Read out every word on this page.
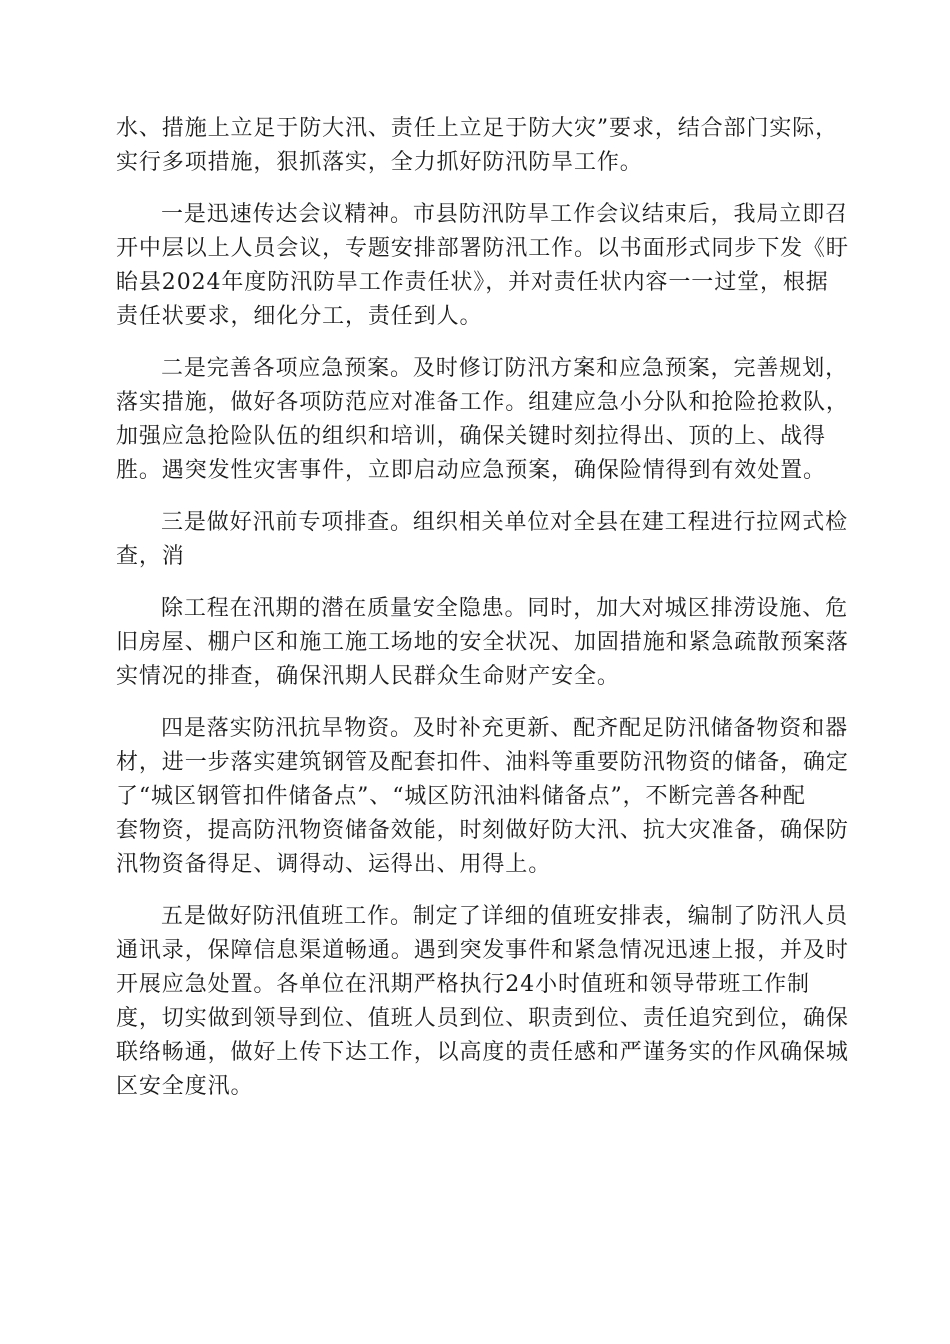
水、措施上立足于防大汛、责任上立足于防大灾”要求，结合部门实际，
实行多项措施，狠抓落实，全力抓好防汛防旱工作。

一是迅速传达会议精神。市县防汛防旱工作会议结束后，我局立即召
开中层以上人员会议，专题安排部署防汛工作。以书面形式同步下发《盱
眙县2024年度防汛防旱工作责任状》，并对责任状内容一一过堂，根据
责任状要求，细化分工，责任到人。

二是完善各项应急预案。及时修订防汛方案和应急预案，完善规划，
落实措施，做好各项防范应对准备工作。组建应急小分队和抢险抢救队，
加强应急抢险队伍的组织和培训，确保关键时刻拉得出、顶的上、战得
胜。遇突发性灾害事件，立即启动应急预案，确保险情得到有效处置。

三是做好汛前专项排查。组织相关单位对全县在建工程进行拉网式检
查，消

除工程在汛期的潜在质量安全隐患。同时，加大对城区排涝设施、危
旧房屋、棚户区和施工施工场地的安全状况、加固措施和紧急疏散预案落
实情况的排查，确保汛期人民群众生命财产安全。

四是落实防汛抗旱物资。及时补充更新、配齐配足防汛储备物资和器
材，进一步落实建筑钢管及配套扣件、油料等重要防汛物资的储备，确定
了“城区钢管扣件储备点”、“城区防汛油料储备点”，不断完善各种配
套物资，提高防汛物资储备效能，时刻做好防大汛、抗大灾准备，确保防
汛物资备得足、调得动、运得出、用得上。

五是做好防汛值班工作。制定了详细的值班安排表，编制了防汛人员
通讯录，保障信息渠道畅通。遇到突发事件和紧急情况迅速上报，并及时
开展应急处置。各单位在汛期严格执行24小时值班和领导带班工作制
度，切实做到领导到位、值班人员到位、职责到位、责任追究到位，确保
联络畅通，做好上传下达工作，以高度的责任感和严谨务实的作风确保城
区安全度汛。
